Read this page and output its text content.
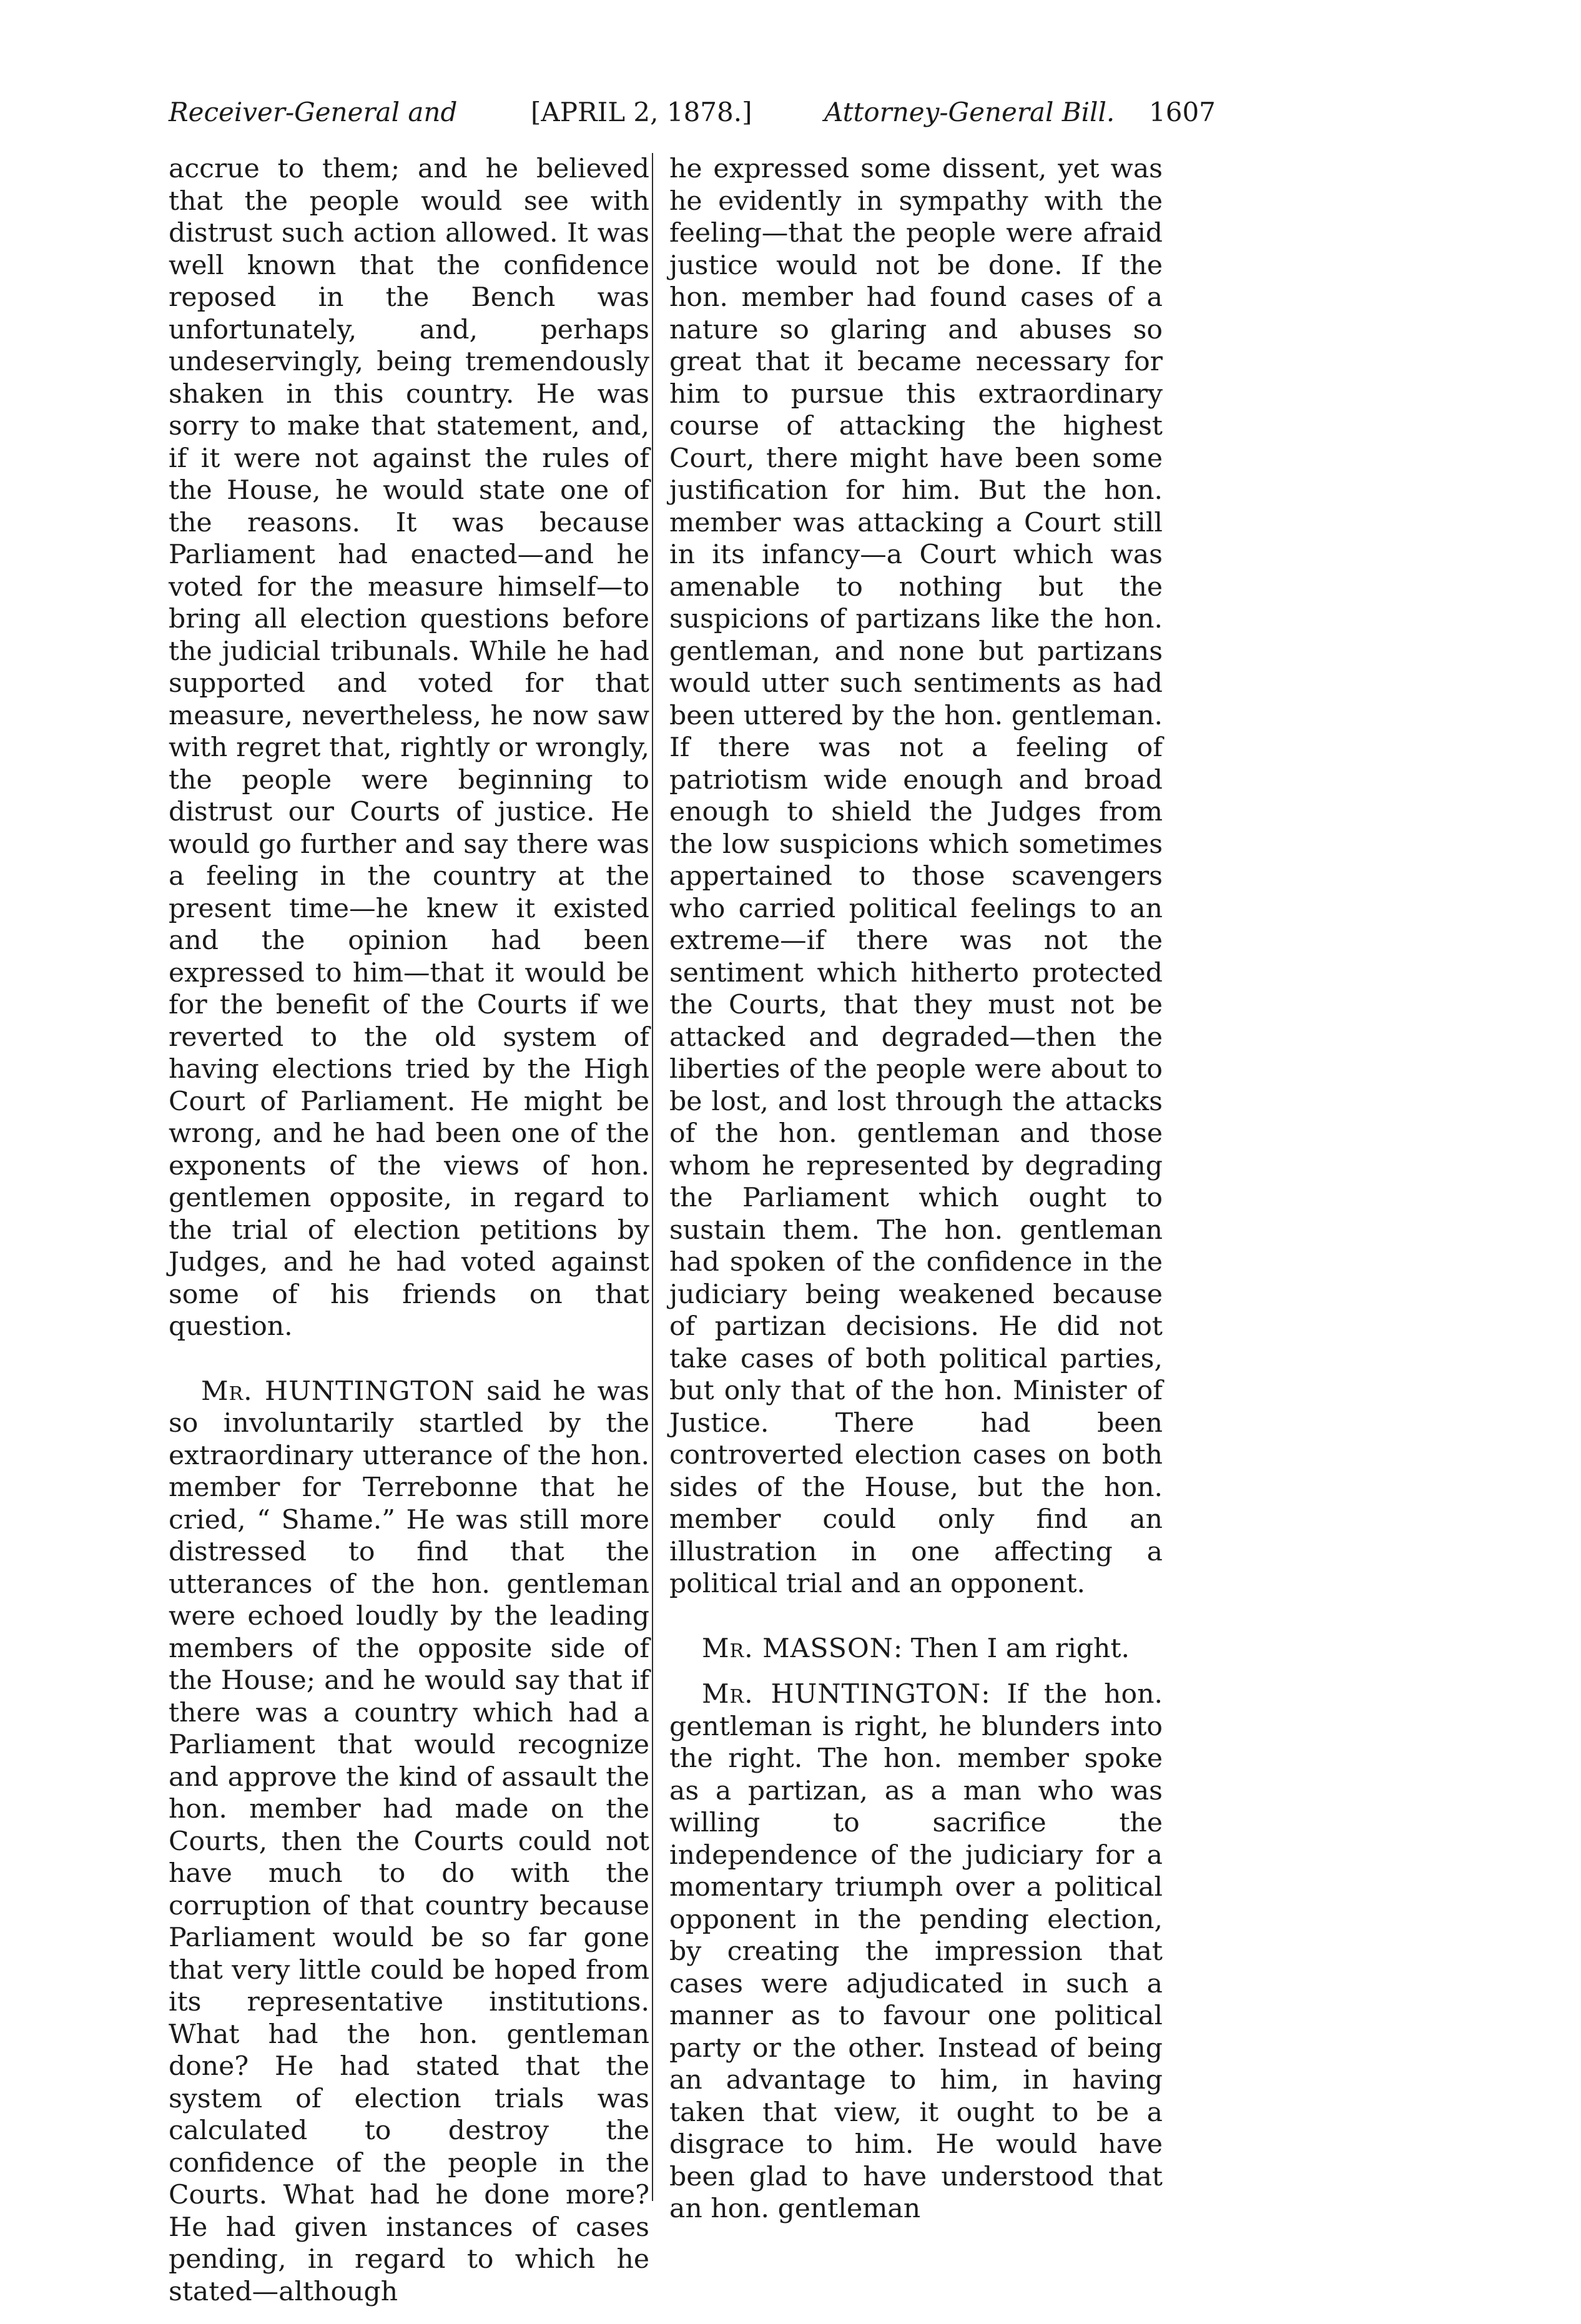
Receiver-General and	[APRIL 2, 1878.]	Attorney-General Bill. 1607

accrue to them; and he believed that the people would see with distrust such action allowed. It was well known that the confidence reposed in the Bench was unfortunately, and, perhaps undeservingly, being tremendously shaken in this country. He was sorry to make that statement, and, if it were not against the rules of the House, he would state one of the reasons. It was because Parliament had enacted—and he voted for the measure himself—to bring all election questions before the judicial tribunals. While he had supported and voted for that measure, nevertheless, he now saw with regret that, rightly or wrongly, the people were beginning to distrust our Courts of justice. He would go further and say there was a feeling in the country at the present time—he knew it existed and the opinion had been expressed to him—that it would be for the benefit of the Courts if we reverted to the old system of having elections tried by the High Court of Parliament. He might be wrong, and he had been one of the exponents of the views of hon. gentlemen opposite, in regard to the trial of election petitions by Judges, and he had voted against some of his friends on that question.

Mr. HUNTINGTON said he was so involuntarily startled by the extraordinary utterance of the hon. member for Terrebonne that he cried, “ Shame.” He was still more distressed to find that the utterances of the hon. gentleman were echoed loudly by the leading members of the opposite side of the House; and he would say that if there was a country which had a Parliament that would recognize and approve the kind of assault the hon. member had made on the Courts, then the Courts could not have much to do with the corruption of that country because Parliament would be so far gone that very little could be hoped from its representative institutions. What had the hon. gentleman done? He had stated that the system of election trials was calculated to destroy the confidence of the people in the Courts. What had he done more? He had given instances of cases pending, in regard to which he stated—although

he expressed some dissent, yet was he evidently in sympathy with the feeling—that the people were afraid justice would not be done. If the hon. member had found cases of a nature so glaring and abuses so great that it became necessary for him to pursue this extraordinary course of attacking the highest Court, there might have been some justification for him. But the hon. member was attacking a Court still in its infancy—a Court which was amenable to nothing but the suspicions of partizans like the hon. gentleman, and none but partizans would utter such sentiments as had been uttered by the hon. gentleman. If there was not a feeling of patriotism wide enough and broad enough to shield the Judges from the low suspicions which sometimes appertained to those scavengers who carried political feelings to an extreme—if there was not the sentiment which hitherto protected the Courts, that they must not be attacked and degraded—then the liberties of the people were about to be lost, and lost through the attacks of the hon. gentleman and those whom he represented by degrading the Parliament which ought to sustain them. The hon. gentleman had spoken of the confidence in the judiciary being weakened because of partizan decisions. He did not take cases of both political parties, but only that of the hon. Minister of Justice. There had been controverted election cases on both sides of the House, but the hon. member could only find an illustration in one affecting a political trial and an opponent.

Mr. MASSON: Then I am right.

Mr. HUNTINGTON: If the hon. gentleman is right, he blunders into the right. The hon. member spoke as a partizan, as a man who was willing to sacrifice the independence of the judiciary for a momentary triumph over a political opponent in the pending election, by creating the impression that cases were adjudicated in such a manner as to favour one political party or the other. Instead of being an advantage to him, in having taken that view, it ought to be a disgrace to him. He would have been glad to have understood that an hon. gentleman
